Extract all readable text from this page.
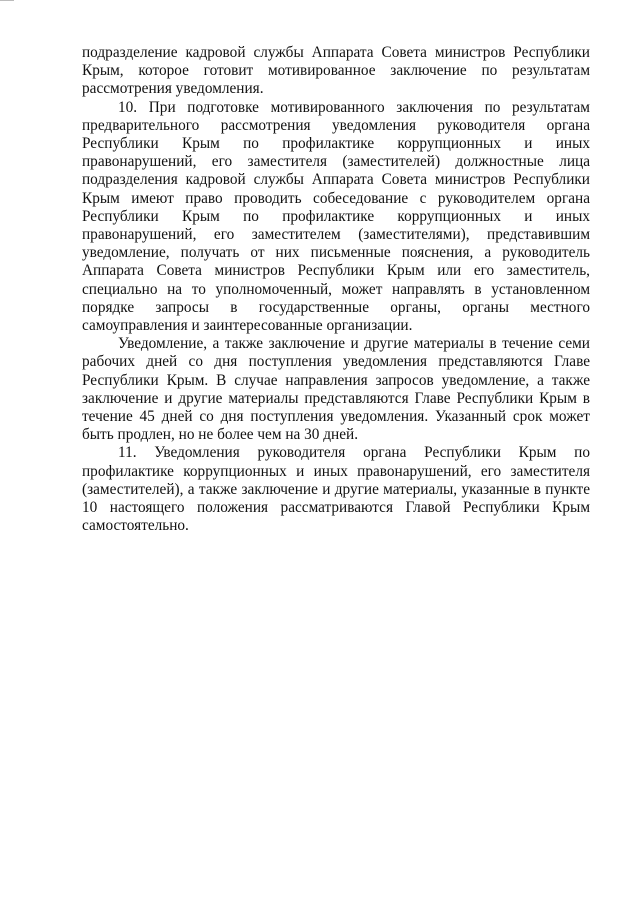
подразделение кадровой службы Аппарата Совета министров Республики Крым, которое готовит мотивированное заключение по результатам рассмотрения уведомления.

10. При подготовке мотивированного заключения по результатам предварительного рассмотрения уведомления руководителя органа Республики Крым по профилактике коррупционных и иных правонарушений, его заместителя (заместителей) должностные лица подразделения кадровой службы Аппарата Совета министров Республики Крым имеют право проводить собеседование с руководителем органа Республики Крым по профилактике коррупционных и иных правонарушений, его заместителем (заместителями), представившим уведомление, получать от них письменные пояснения, а руководитель Аппарата Совета министров Республики Крым или его заместитель, специально на то уполномоченный, может направлять в установленном порядке запросы в государственные органы, органы местного самоуправления и заинтересованные организации.

Уведомление, а также заключение и другие материалы в течение семи рабочих дней со дня поступления уведомления представляются Главе Республики Крым. В случае направления запросов уведомление, а также заключение и другие материалы представляются Главе Республики Крым в течение 45 дней со дня поступления уведомления. Указанный срок может быть продлен, но не более чем на 30 дней.

11. Уведомления руководителя органа Республики Крым по профилактике коррупционных и иных правонарушений, его заместителя (заместителей), а также заключение и другие материалы, указанные в пункте 10 настоящего положения рассматриваются Главой Республики Крым самостоятельно.
